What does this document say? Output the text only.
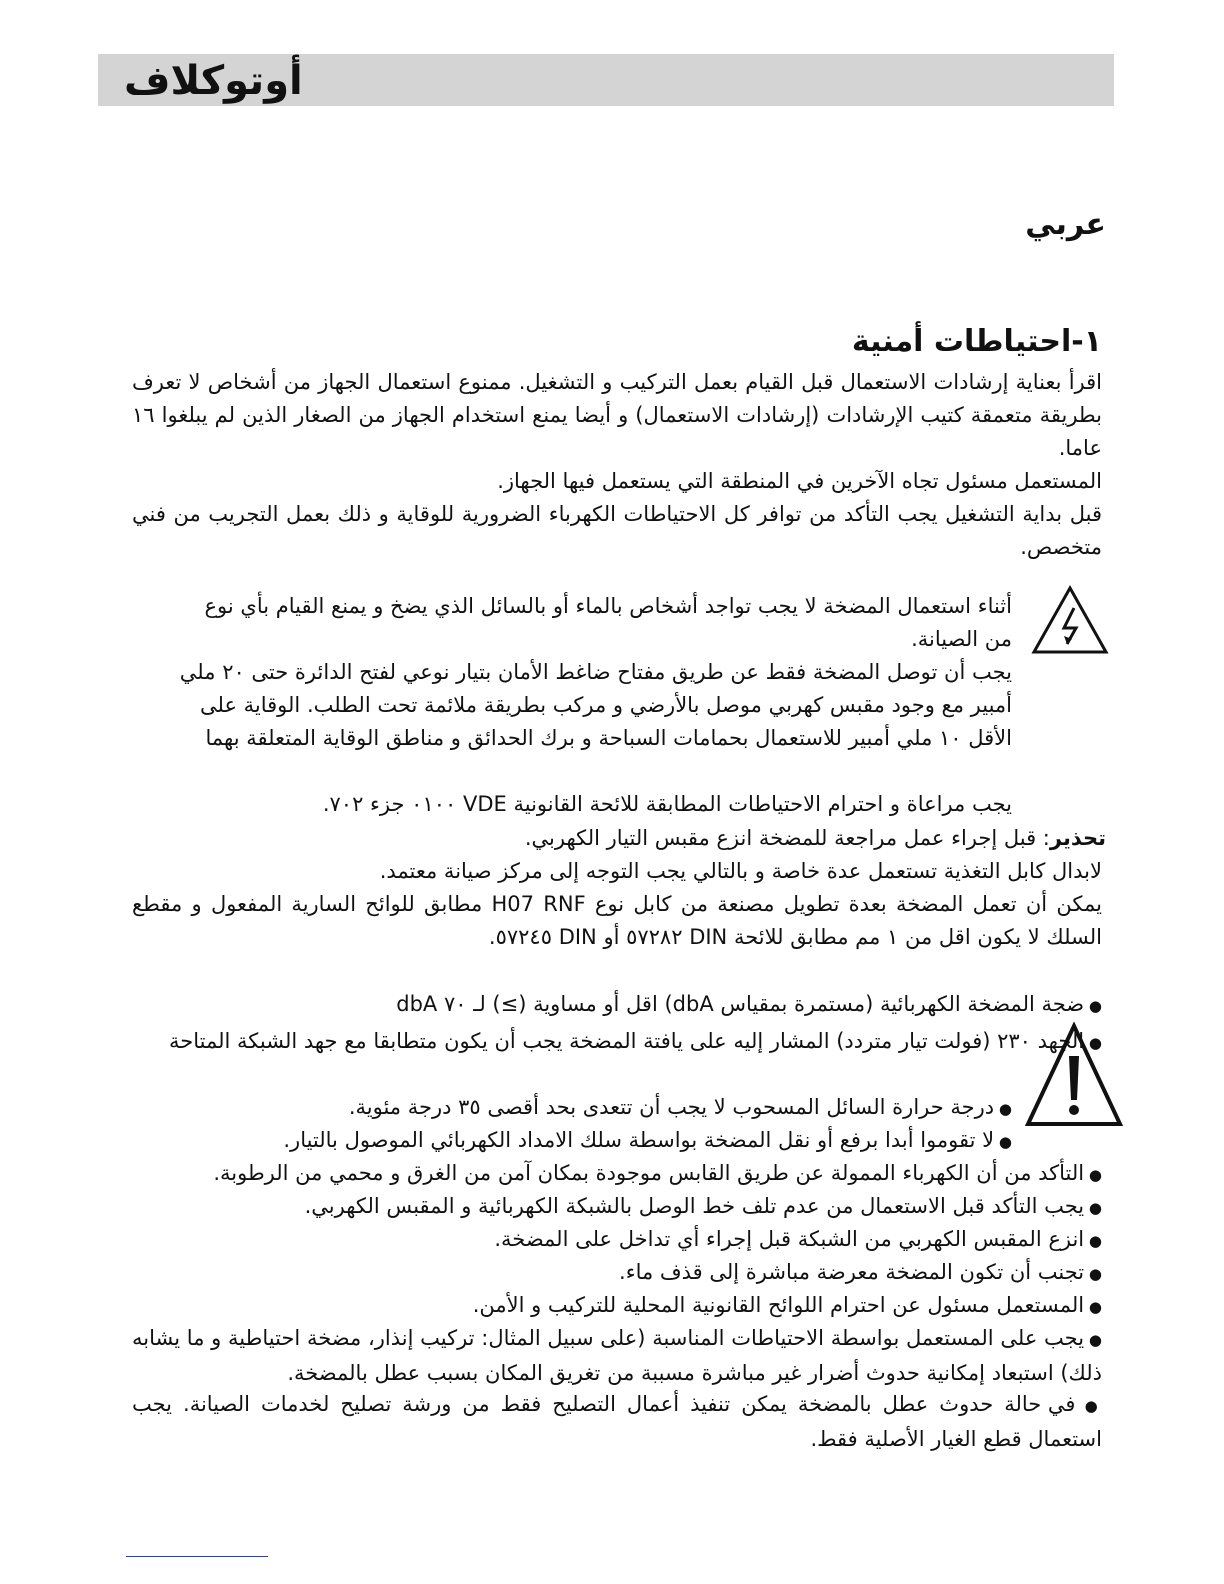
أوتوكلاف
عربي
١-احتياطات أمنية

اقرأ بعناية إرشادات الاستعمال قبل القيام بعمل التركيب و التشغيل. ممنوع استعمال الجهاز من أشخاص لا تعرف بطريقة متعمقة كتيب الإرشادات (إرشادات الاستعمال) و أيضا يمنع استخدام الجهاز من الصغار الذين لم يبلغوا ١٦ عاما.

المستعمل مسئول تجاه الآخرين في المنطقة التي يستعمل فيها الجهاز.

قبل بداية التشغيل يجب التأكد من توافر كل الاحتياطات الكهرباء الضرورية للوقاية و ذلك بعمل التجريب من فني متخصص.

أثناء استعمال المضخة لا يجب تواجد أشخاص بالماء أو بالسائل الذي يضخ و يمنع القيام بأي نوع من الصيانة.

يجب أن توصل المضخة فقط عن طريق مفتاح ضاغط الأمان بتيار نوعي لفتح الدائرة حتى ٢٠ ملي أمبير مع وجود مقبس كهربي موصل بالأرضي و مركب بطريقة ملائمة تحت الطلب. الوقاية على الأقل ١٠ ملي أمبير للاستعمال بحمامات السباحة و برك الحدائق و مناطق الوقاية المتعلقة بهما

يجب مراعاة و احترام الاحتياطات المطابقة للائحة القانونية VDE ٠١٠٠ جزء ٧٠٢.

تحذير: قبل إجراء عمل مراجعة للمضخة انزع مقبس التيار الكهربي.

لابدال كابل التغذية تستعمل عدة خاصة و بالتالي يجب التوجه إلى مركز صيانة معتمد.

يمكن أن تعمل المضخة بعدة تطويل مصنعة من كابل نوع H07 RNF مطابق للوائح السارية المفعول و مقطع السلك لا يكون اقل من ١ مم مطابق للائحة DIN ٥٧٢٨٢ أو DIN ٥٧٢٤٥.

● ضجة المضخة الكهربائية (مستمرة بمقياس dbA) اقل أو مساوية (≥) لـ ٧٠ dbA

● الجهد ٢٣٠ (فولت تيار متردد) المشار إليه على يافتة المضخة يجب أن يكون متطابقا مع جهد الشبكة المتاحة

● درجة حرارة السائل المسحوب لا يجب أن تتعدى بحد أقصى ٣٥ درجة مئوية.

● لا تقوموا أبدا برفع أو نقل المضخة بواسطة سلك الامداد الكهربائي الموصول بالتيار.

● التأكد من أن الكهرباء الممولة عن طريق القابس موجودة بمكان آمن من الغرق و محمي من الرطوبة.

● يجب التأكد قبل الاستعمال من عدم تلف خط الوصل بالشبكة الكهربائية و المقبس الكهربي.

● انزع المقبس الكهربي من الشبكة قبل إجراء أي تداخل على المضخة.

● تجنب أن تكون المضخة معرضة مباشرة إلى قذف ماء.

● المستعمل مسئول عن احترام اللوائح القانونية المحلية للتركيب و الأمن.

● يجب على المستعمل بواسطة الاحتياطات المناسبة (على سبيل المثال: تركيب إنذار، مضخة احتياطية و ما يشابه ذلك) استبعاد إمكانية حدوث أضرار غير مباشرة مسببة من تغريق المكان بسبب عطل بالمضخة.

● في حالة حدوث عطل بالمضخة يمكن تنفيذ أعمال التصليح فقط من ورشة تصليح لخدمات الصيانة. يجب استعمال قطع الغيار الأصلية فقط.
